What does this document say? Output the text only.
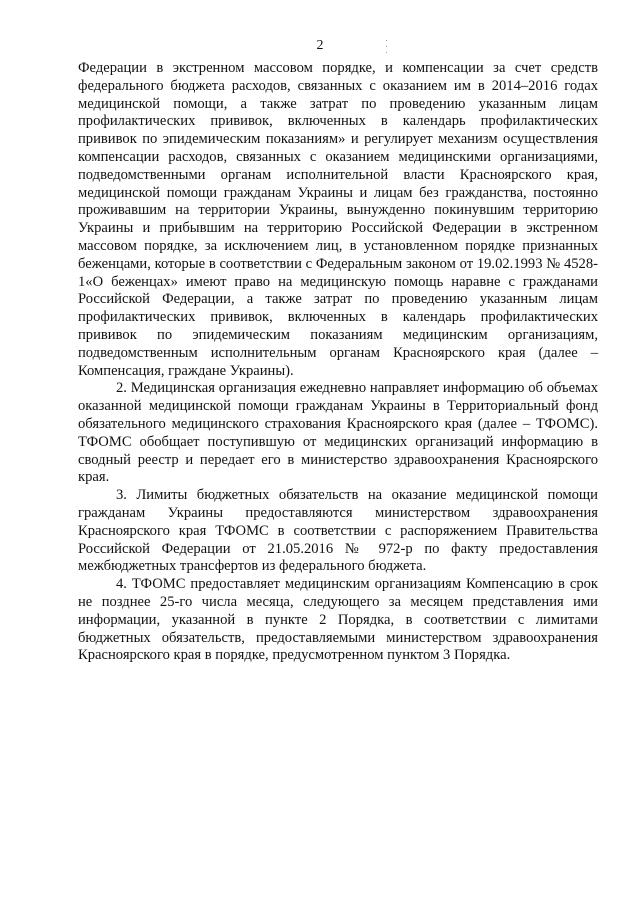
2

Федерации в экстренном массовом порядке, и компенсации за счет средств федерального бюджета расходов, связанных с оказанием им в 2014–2016 годах медицинской помощи, а также затрат по проведению указанным лицам профилактических прививок, включенных в календарь профилактических прививок по эпидемическим показаниям» и регулирует механизм осуществления компенсации расходов, связанных с оказанием медицинскими организациями, подведомственными органам исполнительной власти Красноярского края, медицинской помощи гражданам Украины и лицам без гражданства, постоянно проживавшим на территории Украины, вынужденно покинувшим территорию Украины и прибывшим на территорию Российской Федерации в экстренном массовом порядке, за исключением лиц, в установленном порядке признанных беженцами, которые в соответствии с Федеральным законом от 19.02.1993 № 4528-1«О беженцах» имеют право на медицинскую помощь наравне с гражданами Российской Федерации, а также затрат по проведению указанным лицам профилактических прививок, включенных в календарь профилактических прививок по эпидемическим показаниям медицинским организациям, подведомственным исполнительным органам Красноярского края (далее – Компенсация, граждане Украины).

2. Медицинская организация ежедневно направляет информацию об объемах оказанной медицинской помощи гражданам Украины в Территориальный фонд обязательного медицинского страхования Красноярского края (далее – ТФОМС). ТФОМС обобщает поступившую от медицинских организаций информацию в сводный реестр и передает его в министерство здравоохранения Красноярского края.

3. Лимиты бюджетных обязательств на оказание медицинской помощи гражданам Украины предоставляются министерством здравоохранения Красноярского края ТФОМС в соответствии с распоряжением Правительства Российской Федерации от 21.05.2016 № 972-р по факту предоставления межбюджетных трансфертов из федерального бюджета.

4. ТФОМС предоставляет медицинским организациям Компенсацию в срок не позднее 25-го числа месяца, следующего за месяцем представления ими информации, указанной в пункте 2 Порядка, в соответствии с лимитами бюджетных обязательств, предоставляемыми министерством здравоохранения Красноярского края в порядке, предусмотренном пунктом 3 Порядка.
